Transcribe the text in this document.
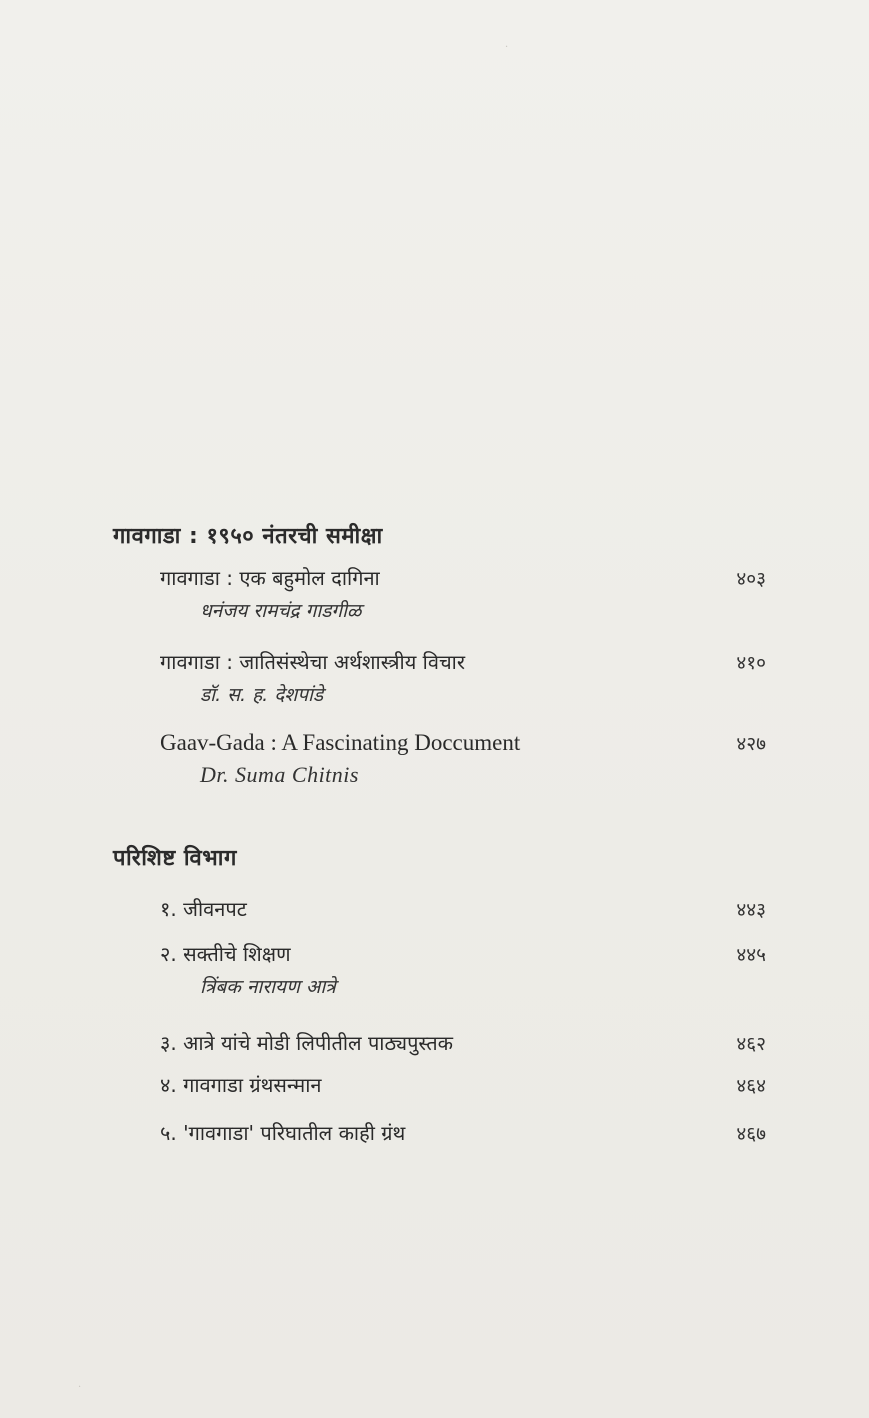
·
गावगाडा : १९५० नंतरची समीक्षा
गावगाडा : एक बहुमोल दागिना	४०३
धनंजय रामचंद्र गाडगीळ
गावगाडा : जातिसंस्थेचा अर्थशास्त्रीय विचार	४१०
डॉ. स. ह. देशपांडे
Gaav-Gada : A Fascinating Doccument	४२७
Dr. Suma Chitnis
परिशिष्ट विभाग
१. जीवनपट	४४३
२. सक्तीचे शिक्षण	४४५
त्रिंबक नारायण आत्रे
३. आत्रे यांचे मोडी लिपीतील पाठ्यपुस्तक	४६२
४. गावगाडा ग्रंथसन्मान	४६४
५. 'गावगाडा' परिघातील काही ग्रंथ	४६७
·
